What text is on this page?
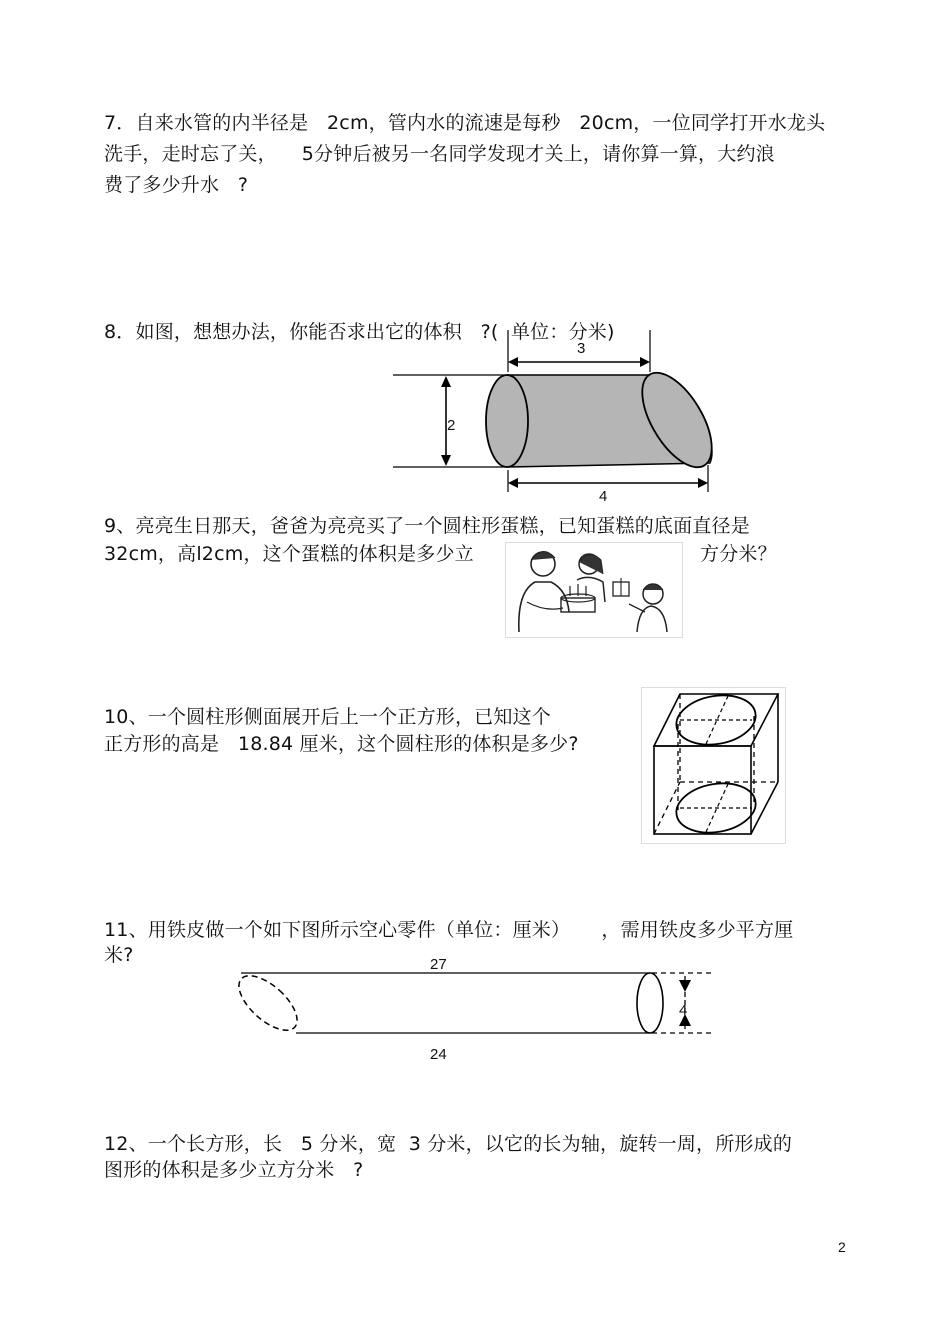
7．自来水管的内半径是   2cm，管内水的流速是每秒   20cm，一位同学打开水龙头
洗手，走时忘了关，    5分钟后被另一名同学发现才关上，请你算一算，大约浪
费了多少升水   ?
8．如图，想想办法，你能否求出它的体积   ?(  单位：分米)
3
2
4
9、亮亮生日那天，爸爸为亮亮买了一个圆柱形蛋糕，已知蛋糕的底面直径是
32cm，高l2cm，这个蛋糕的体积是多少立	方分米？
10、一个圆柱形侧面展开后上一个正方形，已知这个
正方形的高是   18.84 厘米，这个圆柱形的体积是多少?
11、用铁皮做一个如下图所示空心零件（单位：厘米）     ，需用铁皮多少平方厘
米?	27
4
24
12、一个长方形，长   5 分米，宽  3 分米，以它的长为轴，旋转一周，所形成的
图形的体积是多少立方分米   ?
2
